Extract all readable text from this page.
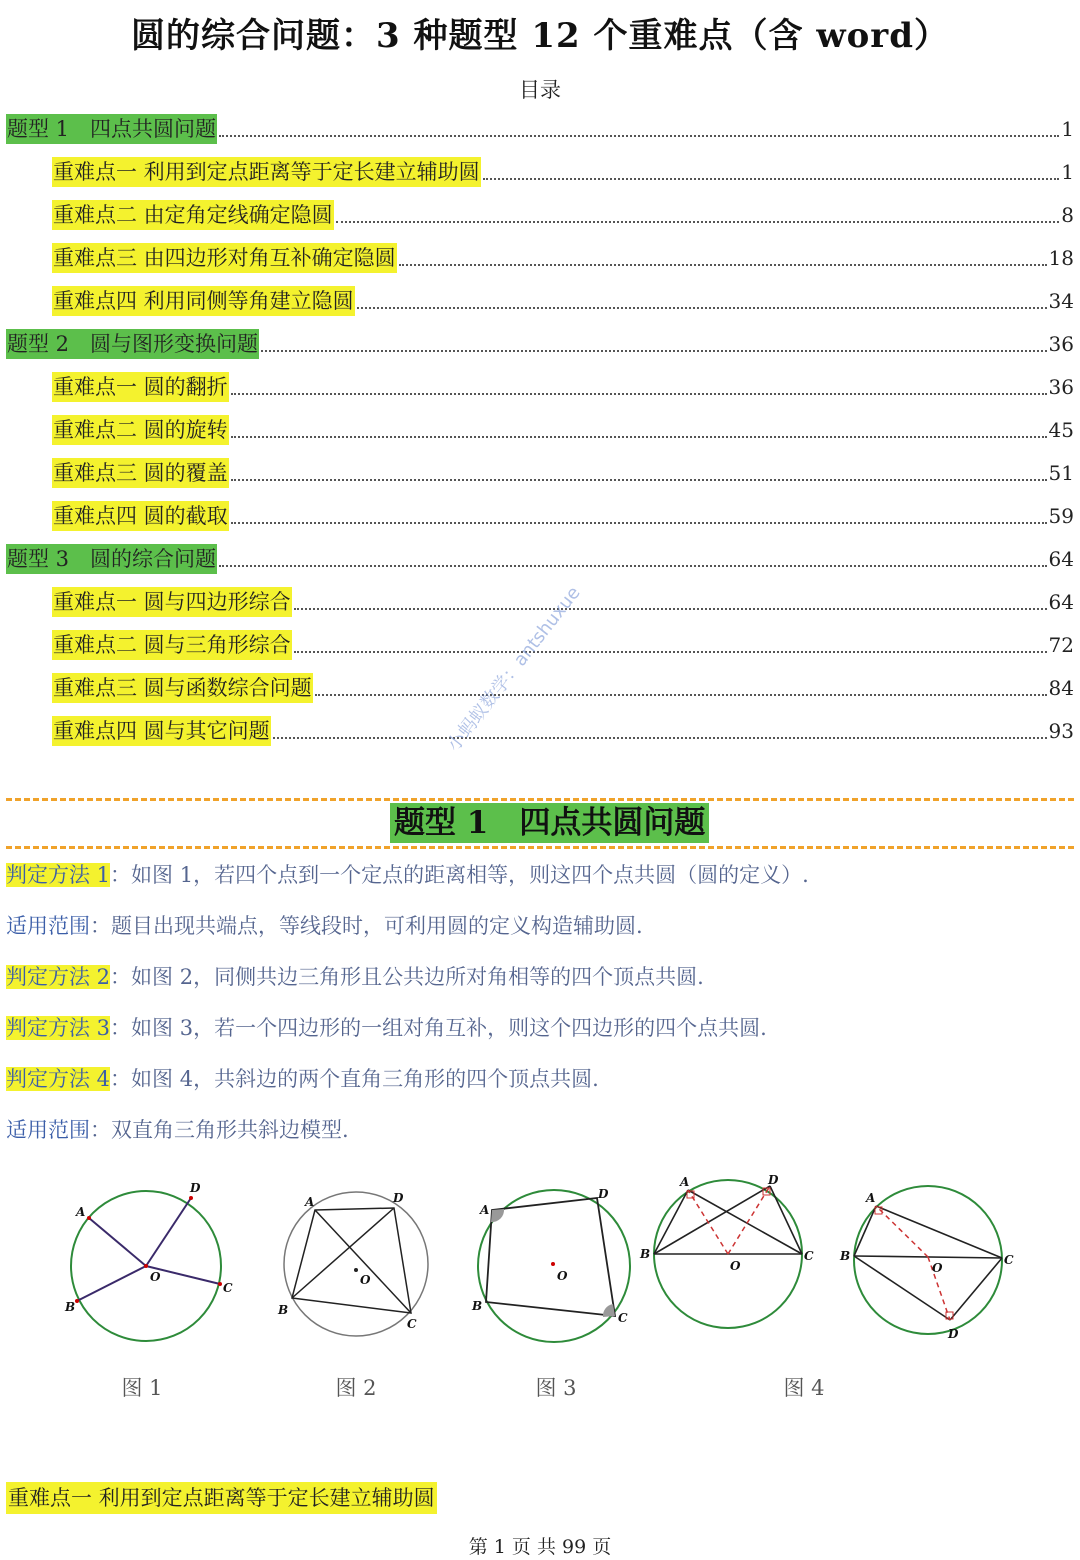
圆的综合问题：3 种题型 12 个重难点（含 word）
目录
题型 1　四点共圆问题	1
重难点一 利用到定点距离等于定长建立辅助圆	1
重难点二 由定角定线确定隐圆	8
重难点三 由四边形对角互补确定隐圆	18
重难点四 利用同侧等角建立隐圆	34
题型 2　圆与图形变换问题	36
重难点一 圆的翻折	36
重难点二 圆的旋转	45
重难点三 圆的覆盖	51
重难点四 圆的截取	59
题型 3　圆的综合问题	64
重难点一 圆与四边形综合	64
重难点二 圆与三角形综合	72
重难点三 圆与函数综合问题	84
重难点四 圆与其它问题	93
题型 1　四点共圆问题
小蚂蚁数学：antshuxue
判定方法 1：如图 1，若四个点到一个定点的距离相等，则这四个点共圆（圆的定义）.
适用范围：题目出现共端点，等线段时，可利用圆的定义构造辅助圆.
判定方法 2：如图 2，同侧共边三角形且公共边所对角相等的四个顶点共圆.
判定方法 3：如图 3，若一个四边形的一组对角互补，则这个四边形的四个点共圆.
判定方法 4：如图 4，共斜边的两个直角三角形的四个顶点共圆.
适用范围：双直角三角形共斜边模型.
A
D
C
B
O
图 1
A	D
C
B
O
图 2
A
D
C
B
O
图 3
A	D
C
B
O
A
D
C
B
O
图 4
重难点一 利用到定点距离等于定长建立辅助圆
第 1 页 共 99 页
